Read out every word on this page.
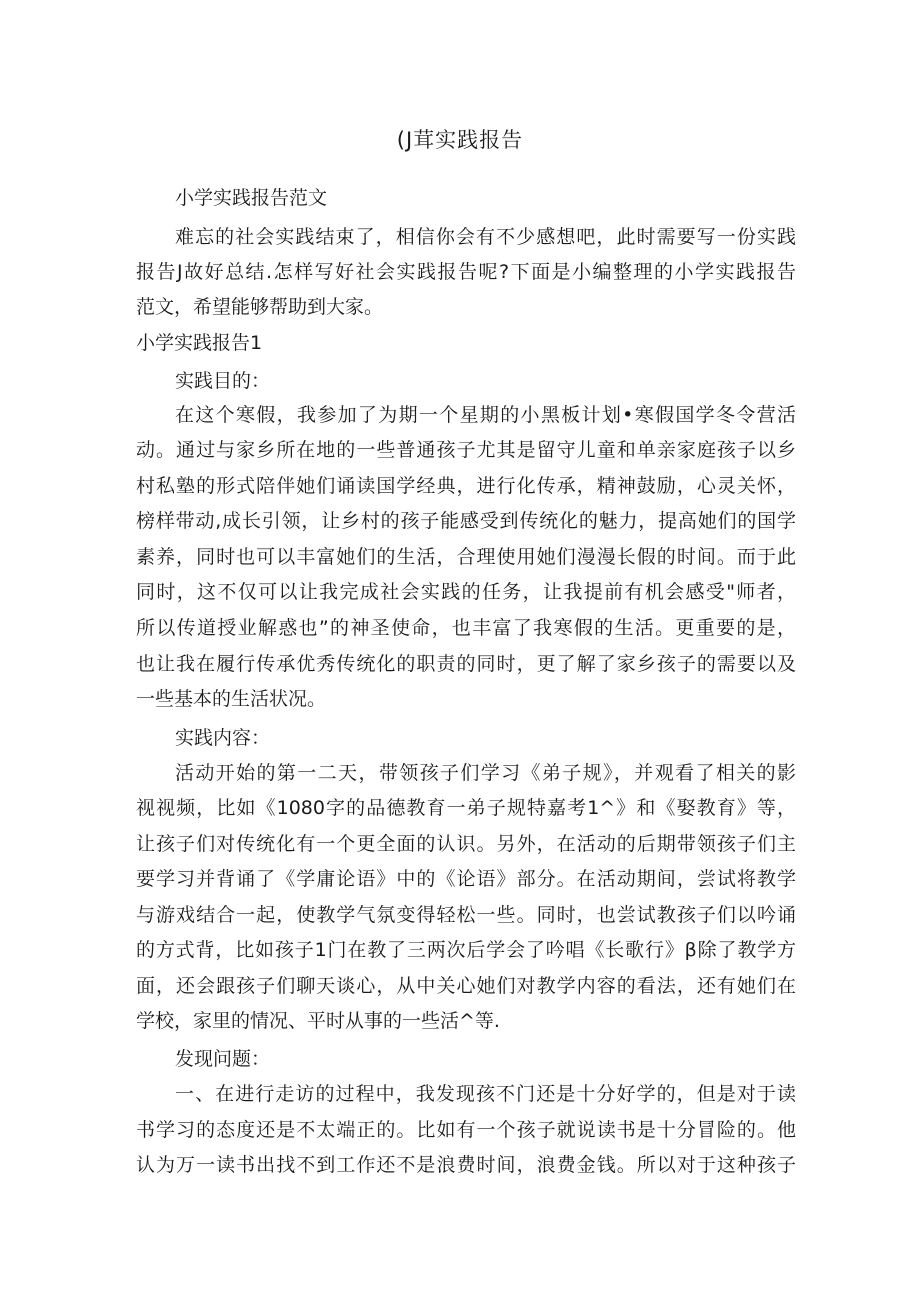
(J茸实践报告
小学实践报告范文
难忘的社会实践结束了，相信你会有不少感想吧，此时需要写一份实践
报告J故好总结.怎样写好社会实践报告呢?下面是小编整理的小学实践报告
范文，希望能够帮助到大家。
小学实践报告1
实践目的：
在这个寒假，我参加了为期一个星期的小黑板计划•寒假国学冬令营活
动。通过与家乡所在地的一些普通孩子尤其是留守儿童和单亲家庭孩子以乡
村私塾的形式陪伴她们诵读国学经典，进行化传承，精神鼓励，心灵关怀，
榜样带动,成长引领，让乡村的孩子能感受到传统化的魅力，提高她们的国学
素养，同时也可以丰富她们的生活，合理使用她们漫漫长假的时间。而于此
同时，这不仅可以让我完成社会实践的任务，让我提前有机会感受"师者，
所以传道授业解惑也”的神圣使命，也丰富了我寒假的生活。更重要的是，
也让我在履行传承优秀传统化的职责的同时，更了解了家乡孩子的需要以及
一些基本的生活状况。
实践内容：
活动开始的第一二天，带领孩子们学习《弟子规》，并观看了相关的影
视视频，比如《1080字的品德教育一弟子规特嘉考1^》和《娶教育》等，
让孩子们对传统化有一个更全面的认识。另外，在活动的后期带领孩子们主
要学习并背诵了《学庸论语》中的《论语》部分。在活动期间，尝试将教学
与游戏结合一起，使教学气氛变得轻松一些。同时，也尝试教孩子们以吟诵
的方式背，比如孩子1门在教了三两次后学会了吟唱《长歌行》β除了教学方
面，还会跟孩子们聊天谈心，从中关心她们对教学内容的看法，还有她们在
学校，家里的情况、平时从事的一些活^等.
发现问题：
一、在进行走访的过程中，我发现孩不门还是十分好学的，但是对于读
书学习的态度还是不太端正的。比如有一个孩子就说读书是十分冒险的。他
认为万一读书出找不到工作还不是浪费时间，浪费金钱。所以对于这种孩子
